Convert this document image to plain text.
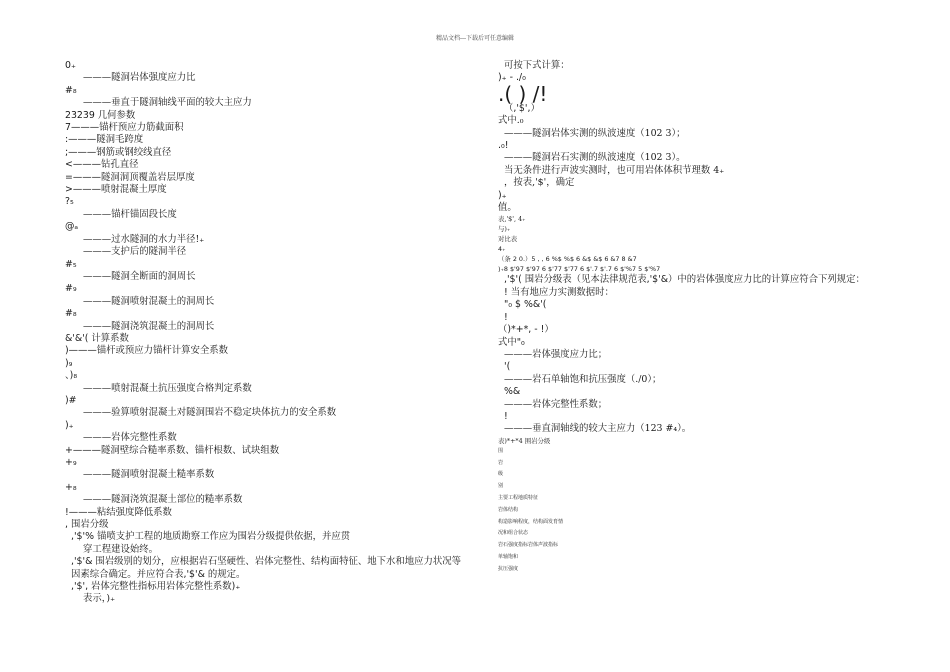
精品文档---下载后可任意编辑
0₊
———隧洞岩体强度应力比
#₈
———垂直于隧洞轴线平面的较大主应力
23239 几何参数
7———锚杆预应力筋截面积
:———隧洞毛跨度
;———钢筋或钢绞线直径
<———钻孔直径
=———隧洞洞顶覆盖岩层厚度
>———喷射混凝土厚度
?₅
———锚杆锚固段长度
@ₐ
———过水隧洞的水力半径!₊
———支护后的隧洞半径
#₅
———隧洞全断面的洞周长
#₉
———隧洞喷射混凝土的洞周长
#₈
———隧洞浇筑混凝土的洞周长
&'&'( 计算系数
)———锚杆或预应力锚杆计算安全系数
)₉
、)₈
———喷射混凝土抗压强度合格判定系数
)#
———验算喷射混凝土对隧洞围岩不稳定块体抗力的安全系数
)₊
———岩体完整性系数
+———隧洞壁综合糙率系数、锚杆根数、试块组数
+₉
———隧洞喷射混凝土糙率系数
+₈
———隧洞浇筑混凝土部位的糙率系数
!———粘结强度降低系数
, 围岩分级
,'$'% 锚喷支护工程的地质勘察工作应为围岩分级提供依据，并应贯
穿工程建设始终。
,'$'& 围岩级别的划分，应根据岩石坚硬性、岩体完整性、结构面特征、地下水和地应力状况等因素综合确定。并应符合表,'$'& 的规定。
,'$', 岩体完整性指标用岩体完整性系数)₊
表示，)₊
可按下式计算：
)₊ - ./₀
.( ) /!
（,'$',）
式中.₀
———隧洞岩体实测的纵波速度（102 3）；
.₀!
———隧洞岩石实测的纵波速度（102 3）。
当无条件进行声波实测时，也可用岩体体积节理数 4₊
，按表,'$'，确定
)₊
值。
表,'$', 4₊
与)₊
对比表
4₊
（条 2 0.）5 , , 6 %$ %$ 6 &$ &$ 6 &7 8 &7
)₊8 $'97 $'97 6 $'77 $'77 6 $'.7 $'.7 6 $'%7 5 $'%7
,'$'( 围岩分级表（见本法律规范表,'$'&）中的岩体强度应力比的计算应符合下列规定：
! 当有地应力实测数据时：
"₀ $ %&'(
!
（)*+*, - !）
式中"₀
———岩体强度应力比；
'(
———岩石单轴饱和抗压强度（./0）；
%&
———岩体完整性系数；
!
———垂直洞轴线的较大主应力（123 #₄）。
表)*+*4 围岩分级
围
岩
级
别
主要工程地质特征
岩体结构
构造影响程度，结构面发育情
况和组合状态
岩石强度指标岩体声波指标
单轴饱和
抗压强度
